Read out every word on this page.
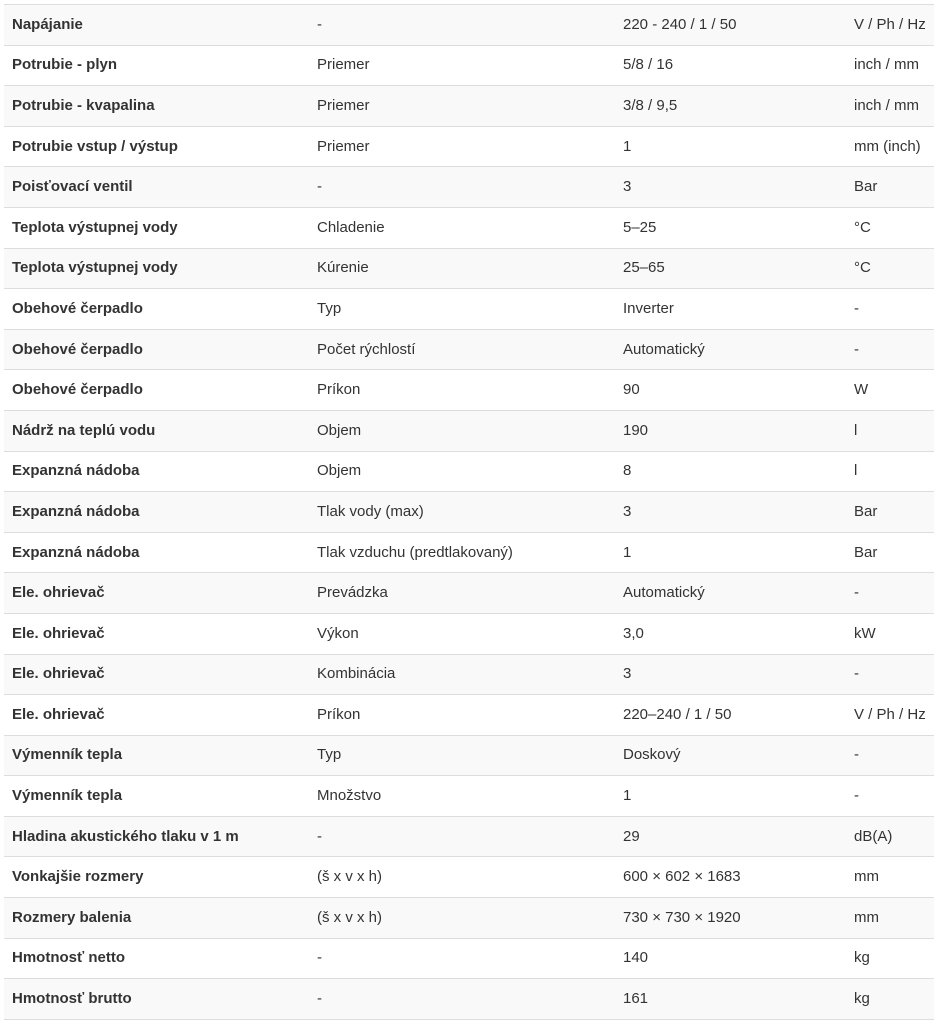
Napájanie	-	220 - 240 / 1 / 50	V / Ph / Hz
Potrubie - plyn	Priemer	5/8 / 16	inch / mm
Potrubie - kvapalina	Priemer	3/8 / 9,5	inch / mm
Potrubie vstup / výstup	Priemer	1	mm (inch)
Poisťovací ventil	-	3	Bar
Teplota výstupnej vody	Chladenie	5–25	°C
Teplota výstupnej vody	Kúrenie	25–65	°C
Obehové čerpadlo	Typ	Inverter	-
Obehové čerpadlo	Počet rýchlostí	Automatický	-
Obehové čerpadlo	Príkon	90	W
Nádrž na teplú vodu	Objem	190	l
Expanzná nádoba	Objem	8	l
Expanzná nádoba	Tlak vody (max)	3	Bar
Expanzná nádoba	Tlak vzduchu (predtlakovaný)	1	Bar
Ele. ohrievač	Prevádzka	Automatický	-
Ele. ohrievač	Výkon	3,0	kW
Ele. ohrievač	Kombinácia	3	-
Ele. ohrievač	Príkon	220–240 / 1 / 50	V / Ph / Hz
Výmenník tepla	Typ	Doskový	-
Výmenník tepla	Množstvo	1	-
Hladina akustického tlaku v 1 m	-	29	dB(A)
Vonkajšie rozmery	(š x v x h)	600 × 602 × 1683	mm
Rozmery balenia	(š x v x h)	730 × 730 × 1920	mm
Hmotnosť netto	-	140	kg
Hmotnosť brutto	-	161	kg
